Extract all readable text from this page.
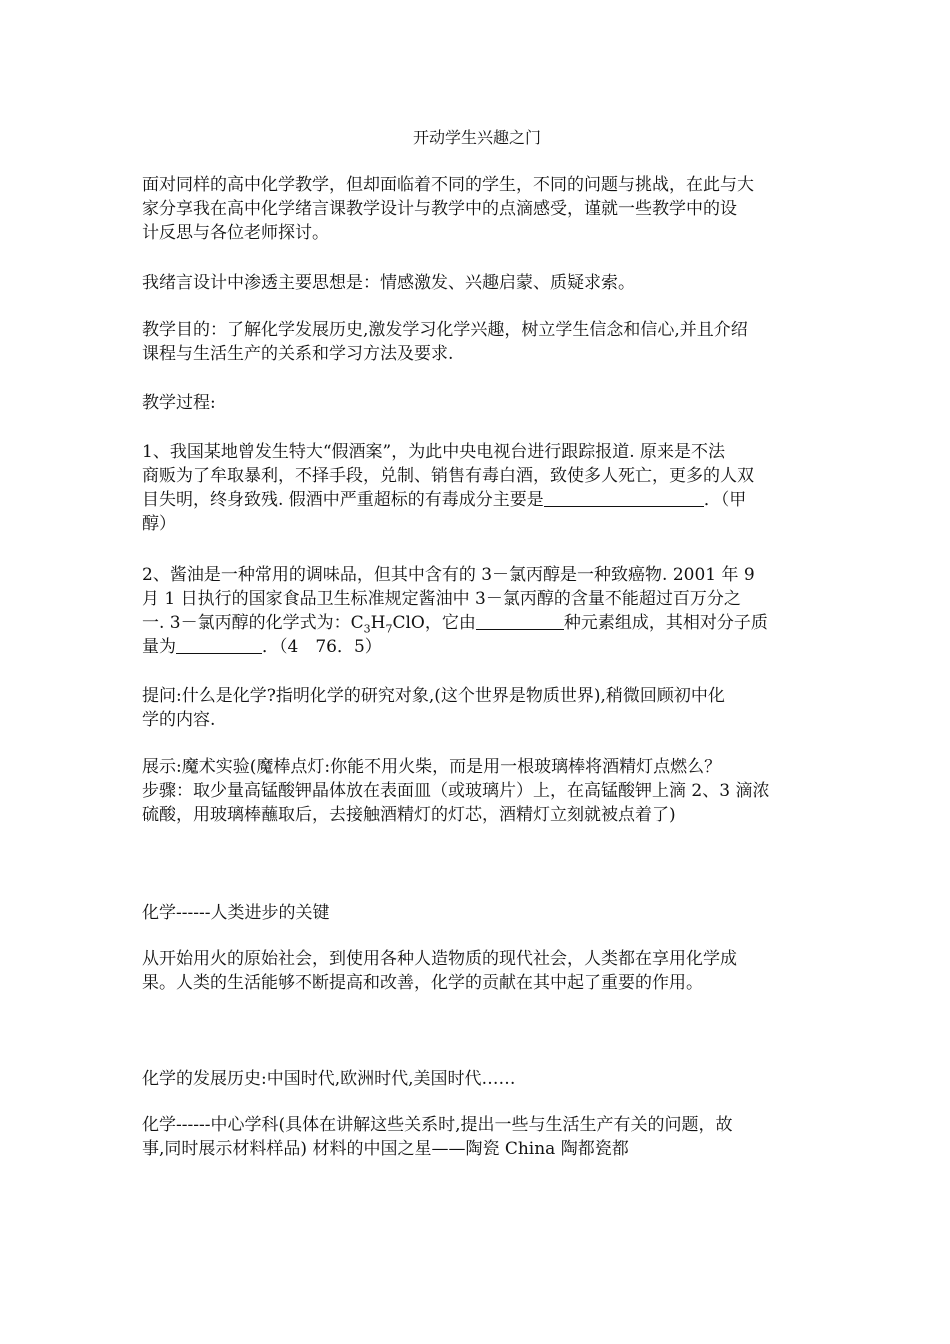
开动学生兴趣之门

面对同样的高中化学教学，但却面临着不同的学生，不同的问题与挑战，在此与大
家分享我在高中化学绪言课教学设计与教学中的点滴感受，谨就一些教学中的设
计反思与各位老师探讨。

我绪言设计中渗透主要思想是：情感激发、兴趣启蒙、质疑求索。

教学目的：了解化学发展历史,激发学习化学兴趣，树立学生信念和信心,并且介绍
课程与生活生产的关系和学习方法及要求.

教学过程:

1、我国某地曾发生特大“假酒案”，为此中央电视台进行跟踪报道. 原来是不法
商贩为了牟取暴利，不择手段，兑制、销售有毒白酒，致使多人死亡，更多的人双
目失明，终身致残. 假酒中严重超标的有毒成分主要是	．（甲
醇）

2、酱油是一种常用的调味品，但其中含有的 3－氯丙醇是一种致癌物. 2001 年 9
月 1 日执行的国家食品卫生标准规定酱油中 3－氯丙醇的含量不能超过百万分之
一. 3－氯丙醇的化学式为：$C_3H_7ClO$，它由	种元素组成，其相对分子质
量为	．（4　76．5）

提问:什么是化学?指明化学的研究对象,(这个世界是物质世界),稍微回顾初中化
学的内容.

展示:魔术实验(魔棒点灯:你能不用火柴，而是用一根玻璃棒将酒精灯点燃么？
步骤：取少量高锰酸钾晶体放在表面皿（或玻璃片）上，在高锰酸钾上滴 2、3 滴浓
硫酸，用玻璃棒蘸取后，去接触酒精灯的灯芯，酒精灯立刻就被点着了)

化学------人类进步的关键

从开始用火的原始社会，到使用各种人造物质的现代社会，人类都在享用化学成
果。人类的生活能够不断提高和改善，化学的贡献在其中起了重要的作用。

化学的发展历史:中国时代,欧洲时代,美国时代……

化学------中心学科(具体在讲解这些关系时,提出一些与生活生产有关的问题，故
事,同时展示材料样品) 材料的中国之星——陶瓷 China 陶都瓷都
